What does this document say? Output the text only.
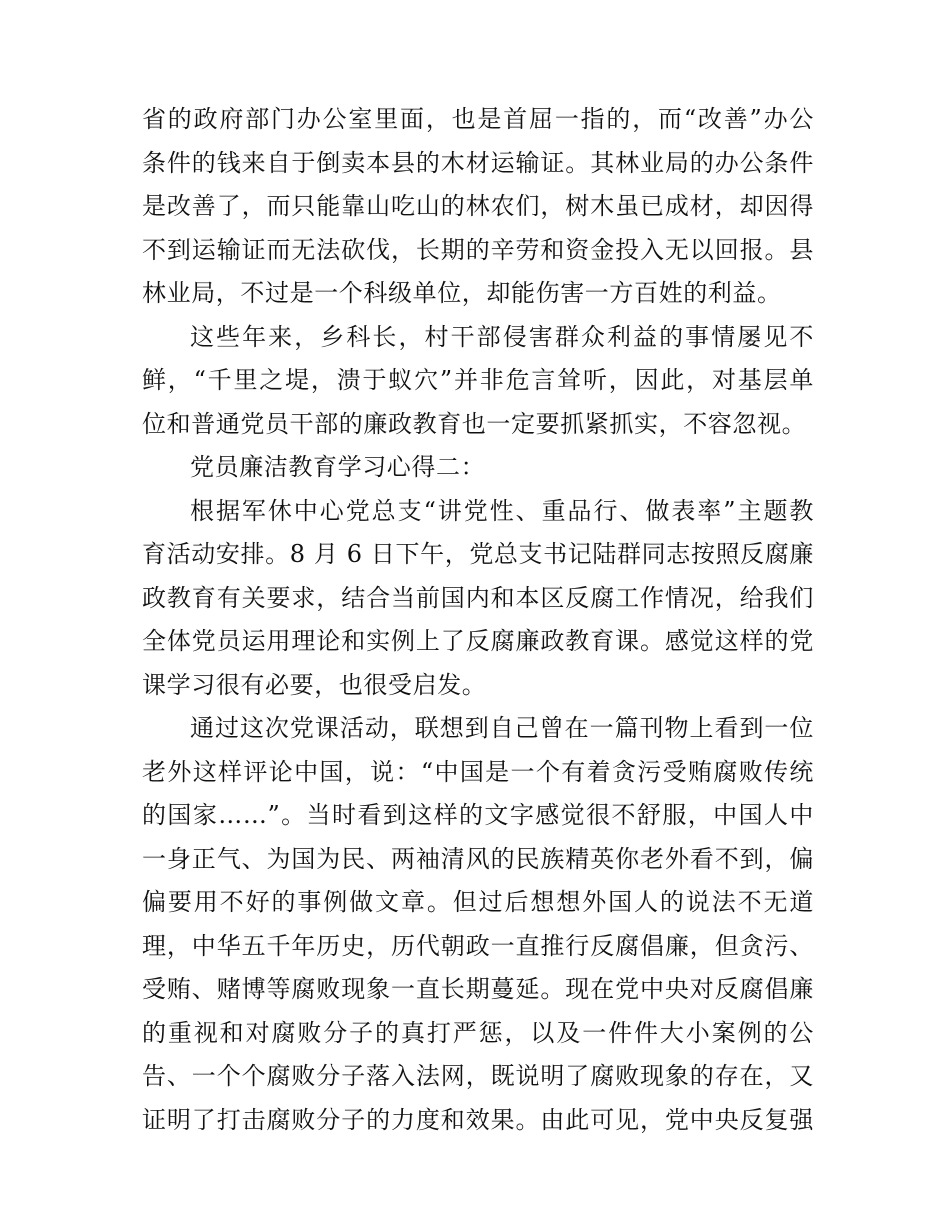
省的政府部门办公室里面，也是首屈一指的，而“改善”办公
条件的钱来自于倒卖本县的木材运输证。其林业局的办公条件
是改善了，而只能靠山吃山的林农们，树木虽已成材，却因得
不到运输证而无法砍伐，长期的辛劳和资金投入无以回报。县
林业局，不过是一个科级单位，却能伤害一方百姓的利益。
这些年来，乡科长，村干部侵害群众利益的事情屡见不
鲜，“千里之堤，溃于蚁穴”并非危言耸听，因此，对基层单
位和普通党员干部的廉政教育也一定要抓紧抓实，不容忽视。
党员廉洁教育学习心得二：
根据军休中心党总支“讲党性、重品行、做表率”主题教
育活动安排。8 月 6 日下午，党总支书记陆群同志按照反腐廉
政教育有关要求，结合当前国内和本区反腐工作情况，给我们
全体党员运用理论和实例上了反腐廉政教育课。感觉这样的党
课学习很有必要，也很受启发。
通过这次党课活动，联想到自己曾在一篇刊物上看到一位
老外这样评论中国，说：“中国是一个有着贪污受贿腐败传统
的国家……”。当时看到这样的文字感觉很不舒服，中国人中
一身正气、为国为民、两袖清风的民族精英你老外看不到，偏
偏要用不好的事例做文章。但过后想想外国人的说法不无道
理，中华五千年历史，历代朝政一直推行反腐倡廉，但贪污、
受贿、赌博等腐败现象一直长期蔓延。现在党中央对反腐倡廉
的重视和对腐败分子的真打严惩，以及一件件大小案例的公
告、一个个腐败分子落入法网，既说明了腐败现象的存在，又
证明了打击腐败分子的力度和效果。由此可见，党中央反复强
